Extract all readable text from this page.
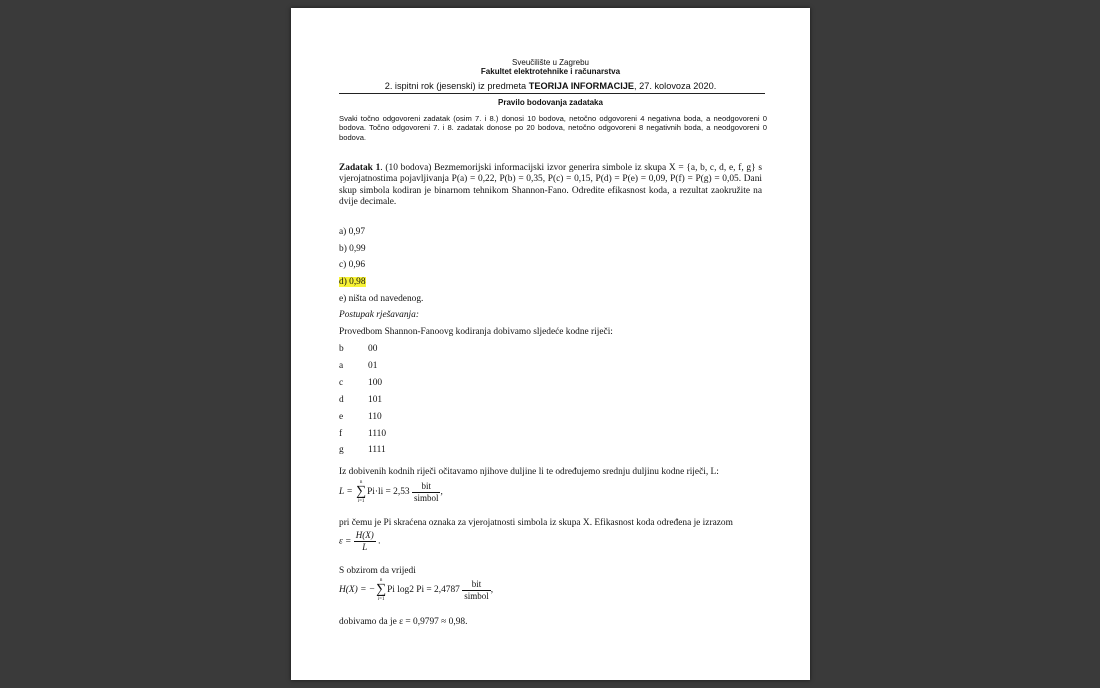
Sveučilište u Zagrebu

Fakultet elektrotehnike i računarstva

2. ispitni rok (jesenski) iz predmeta TEORIJA INFORMACIJE, 27. kolovoza 2020.

Pravilo bodovanja zadataka

Svaki točno odgovoreni zadatak (osim 7. i 8.) donosi 10 bodova, netočno odgovoreni 4 negativna boda, a neodgovoreni 0 bodova. Točno odgovoreni 7. i 8. zadatak donose po 20 bodova, netočno odgovoreni 8 negativnih boda, a neodgovoreni 0 bodova.

Zadatak 1. (10 bodova) Bezmemorijski informacijski izvor generira simbole iz skupa X = {a, b, c, d, e, f, g} s vjerojatnostima pojavljivanja P(a) = 0,22, P(b) = 0,35, P(c) = 0,15, P(d) = P(e) = 0,09, P(f) = P(g) = 0,05. Dani skup simbola kodiran je binarnom tehnikom Shannon-Fano. Odredite efikasnost koda, a rezultat zaokružite na dvije decimale.

a) 0,97

b) 0,99

c) 0,96

d) 0,98

e) ništa od navedenog.

Postupak rješavanja:

Provedbom Shannon-Fanoovg kodiranja dobivamo sljedeće kodne riječi:

b	00

a	01

c	100

d	101

e	110

f	1110

g	1111

Iz dobivenih kodnih riječi očitavamo njihove duljine li te određujemo srednju duljinu kodne riječi, L:

L =
n
∑
i=1
$Pi\cdot li = 2,53 \frac{\text{bit}}{\text{simbol}}$ ,

pri čemu je Pi skraćena oznaka za vjerojatnosti simbola iz skupa X. Efikasnost koda određena je izrazom

$\varepsilon = \frac{H(X)}{L}$ .

S obzirom da vrijedi

H(X) = −
n
∑
i=1
Pi log2 $Pi = 2,4787 \frac{\text{bit}}{\text{simbol}}$ ,

dobivamo da je ε = 0,9797 ≈ 0,98.
